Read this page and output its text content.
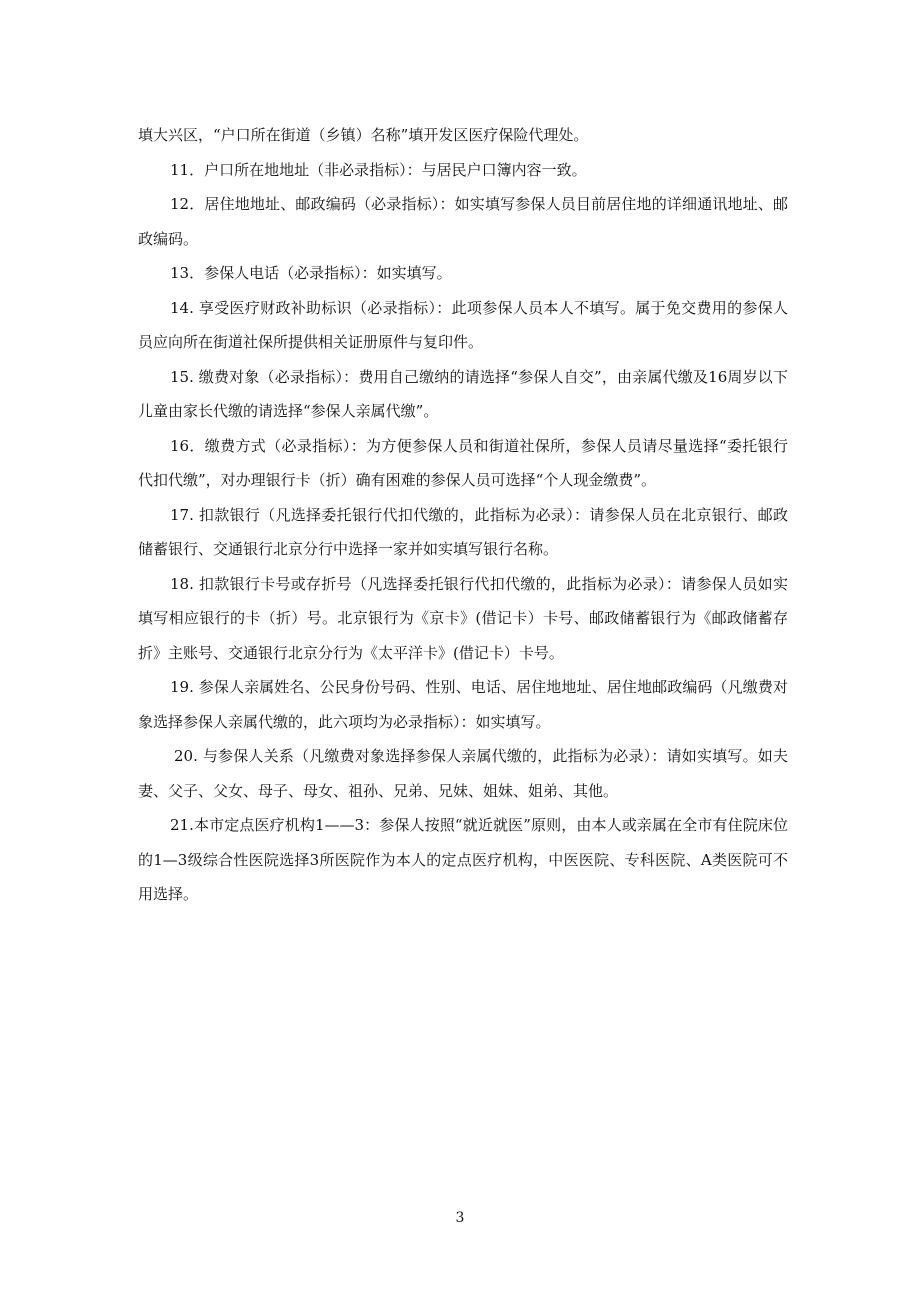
填大兴区，“户口所在街道（乡镇）名称”填开发区医疗保险代理处。

11．户口所在地地址（非必录指标）：与居民户口簿内容一致。

12．居住地地址、邮政编码（必录指标）：如实填写参保人员目前居住地的详细通讯地址、邮政编码。

13．参保人电话（必录指标）：如实填写。

14. 享受医疗财政补助标识（必录指标）：此项参保人员本人不填写。属于免交费用的参保人员应向所在街道社保所提供相关证册原件与复印件。

15. 缴费对象（必录指标）：费用自己缴纳的请选择“参保人自交”，由亲属代缴及16周岁以下儿童由家长代缴的请选择“参保人亲属代缴”。

16．缴费方式（必录指标）：为方便参保人员和街道社保所，参保人员请尽量选择“委托银行代扣代缴”，对办理银行卡（折）确有困难的参保人员可选择“个人现金缴费”。

17. 扣款银行（凡选择委托银行代扣代缴的，此指标为必录）：请参保人员在北京银行、邮政储蓄银行、交通银行北京分行中选择一家并如实填写银行名称。

18. 扣款银行卡号或存折号（凡选择委托银行代扣代缴的，此指标为必录）：请参保人员如实填写相应银行的卡（折）号。北京银行为《京卡》(借记卡）卡号、邮政储蓄银行为《邮政储蓄存折》主账号、交通银行北京分行为《太平洋卡》(借记卡）卡号。

19. 参保人亲属姓名、公民身份号码、性别、电话、居住地地址、居住地邮政编码（凡缴费对象选择参保人亲属代缴的，此六项均为必录指标）：如实填写。

20. 与参保人关系（凡缴费对象选择参保人亲属代缴的，此指标为必录）：请如实填写。如夫妻、父子、父女、母子、母女、祖孙、兄弟、兄妹、姐妹、姐弟、其他。

21.本市定点医疗机构1——3：参保人按照“就近就医”原则，由本人或亲属在全市有住院床位的1—3级综合性医院选择3所医院作为本人的定点医疗机构，中医医院、专科医院、A类医院可不用选择。

3
